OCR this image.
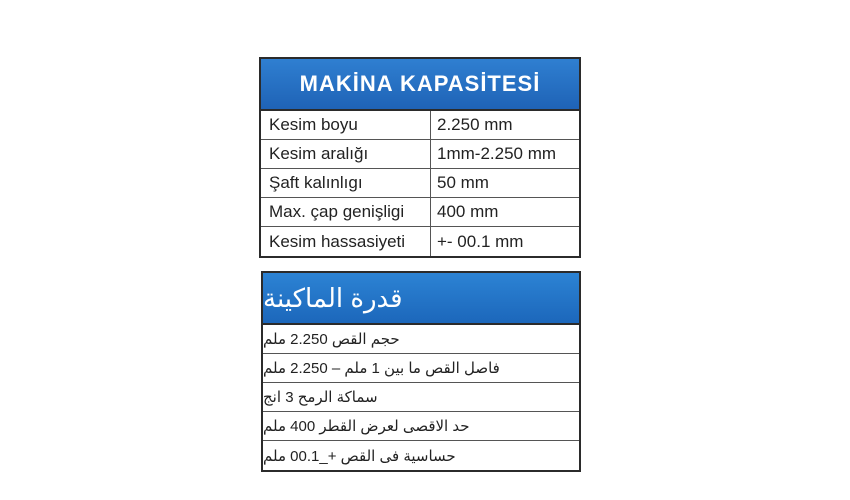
MAKİNA KAPASİTESİ
Kesim boyu	2.250 mm
Kesim aralığı	1mm-2.250 mm
Şaft kalınlıgı	50 mm
Max. çap genişligi	400 mm
Kesim hassasiyeti	+- 00.1 mm
قدرة الماكينة
حجم القص 2.250 ملم
فاصل القص ما بين 1 ملم – 2.250 ملم
سماكة الرمح 3 انج
حد الاقصى لعرض القطر 400 ملم
حساسية فى القص +_00.1 ملم
